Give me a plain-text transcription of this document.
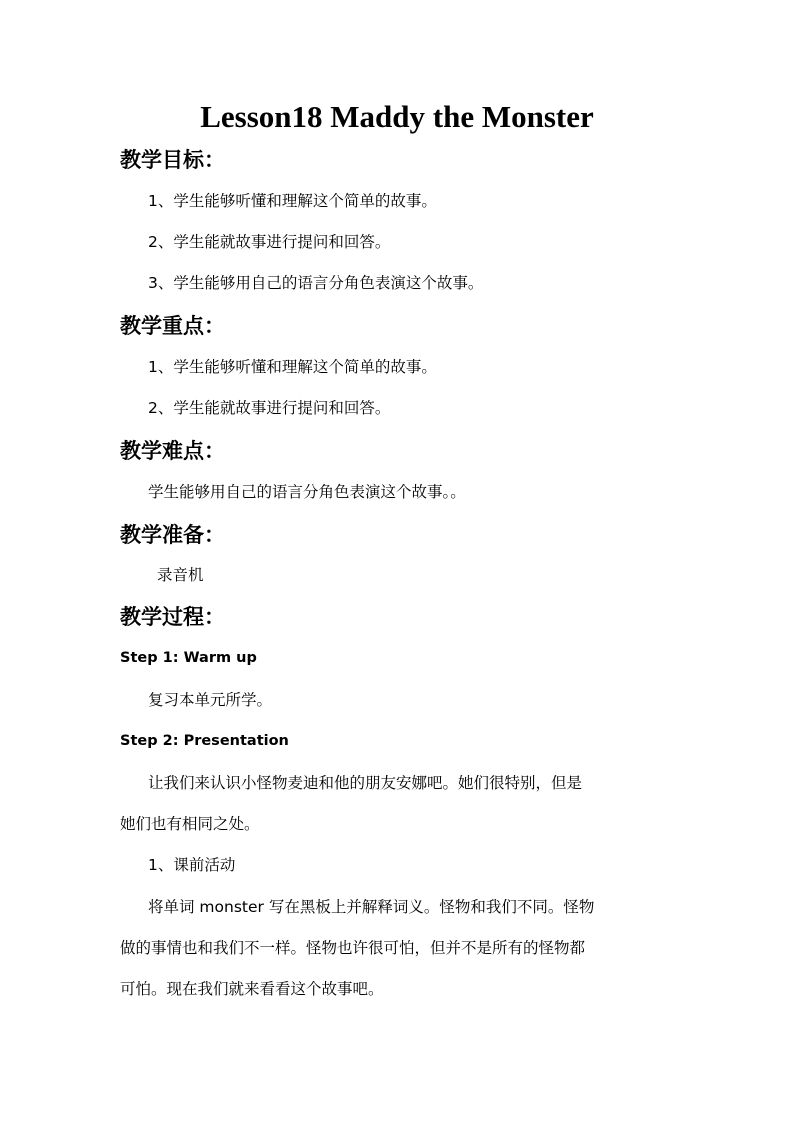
Lesson18 Maddy the Monster
教学目标：
1、学生能够听懂和理解这个简单的故事。
2、学生能就故事进行提问和回答。
3、学生能够用自己的语言分角色表演这个故事。
教学重点：
1、学生能够听懂和理解这个简单的故事。
2、学生能就故事进行提问和回答。
教学难点：
学生能够用自己的语言分角色表演这个故事。。
教学准备：
录音机
教学过程：
Step 1: Warm up
复习本单元所学。
Step 2: Presentation
让我们来认识小怪物麦迪和他的朋友安娜吧。她们很特别，但是
她们也有相同之处。
1、课前活动
将单词 monster 写在黑板上并解释词义。怪物和我们不同。怪物
做的事情也和我们不一样。怪物也许很可怕，但并不是所有的怪物都
可怕。现在我们就来看看这个故事吧。
